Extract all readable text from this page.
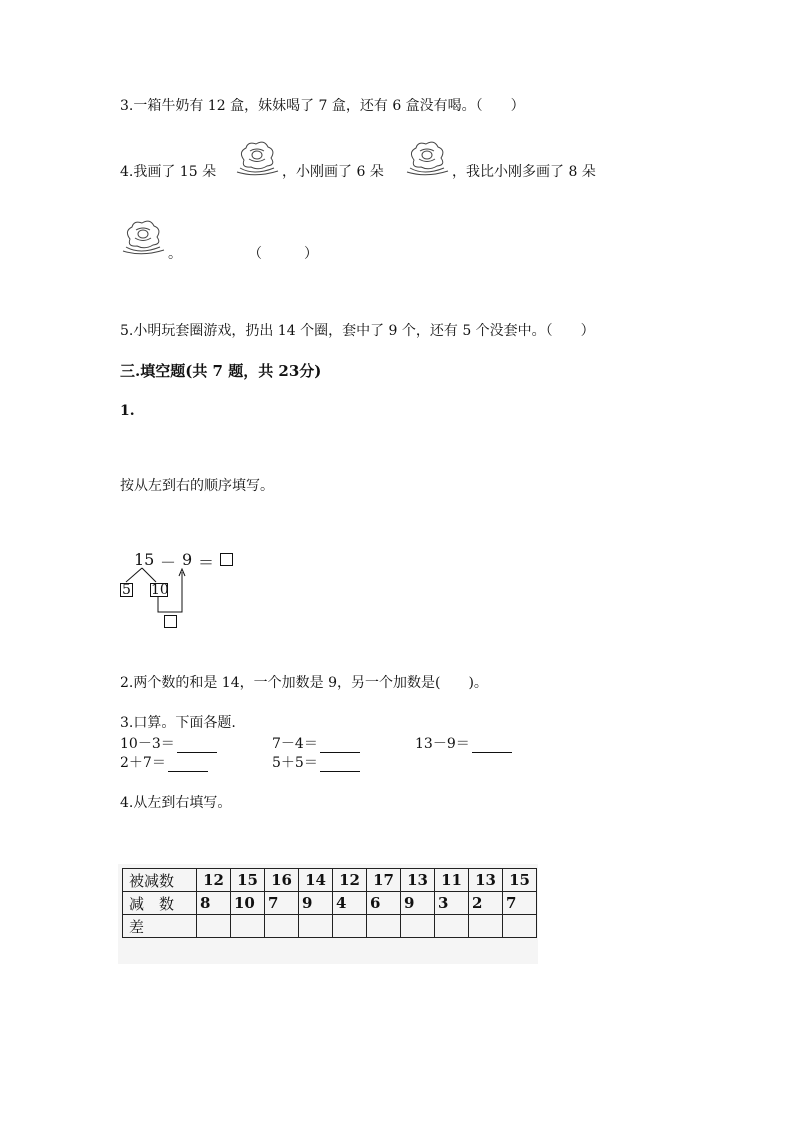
3.一箱牛奶有 12 盒，妹妹喝了 7 盒，还有 6 盒没有喝。（　　）
4.我画了 15 朵	，小刚画了 6 朵	，我比小刚多画了 8 朵
。	（　　　）
5.小明玩套圈游戏，扔出 14 个圈，套中了 9 个，还有 5 个没套中。（　　）
三.填空题(共 7 题，共 23分)
1.
按从左到右的顺序填写。
15 － 9 ＝
5 10
2.两个数的和是 14，一个加数是 9，另一个加数是(　　)。
3.口算。下面各题.
10－3＝	7－4＝	13－9＝
2＋7＝	5＋5＝
4.从左到右填写。
被减数	12	15	16	14	12	17	13	11	13	15
减　数	8	10	7	9	4	6	9	3	2	7
差										
